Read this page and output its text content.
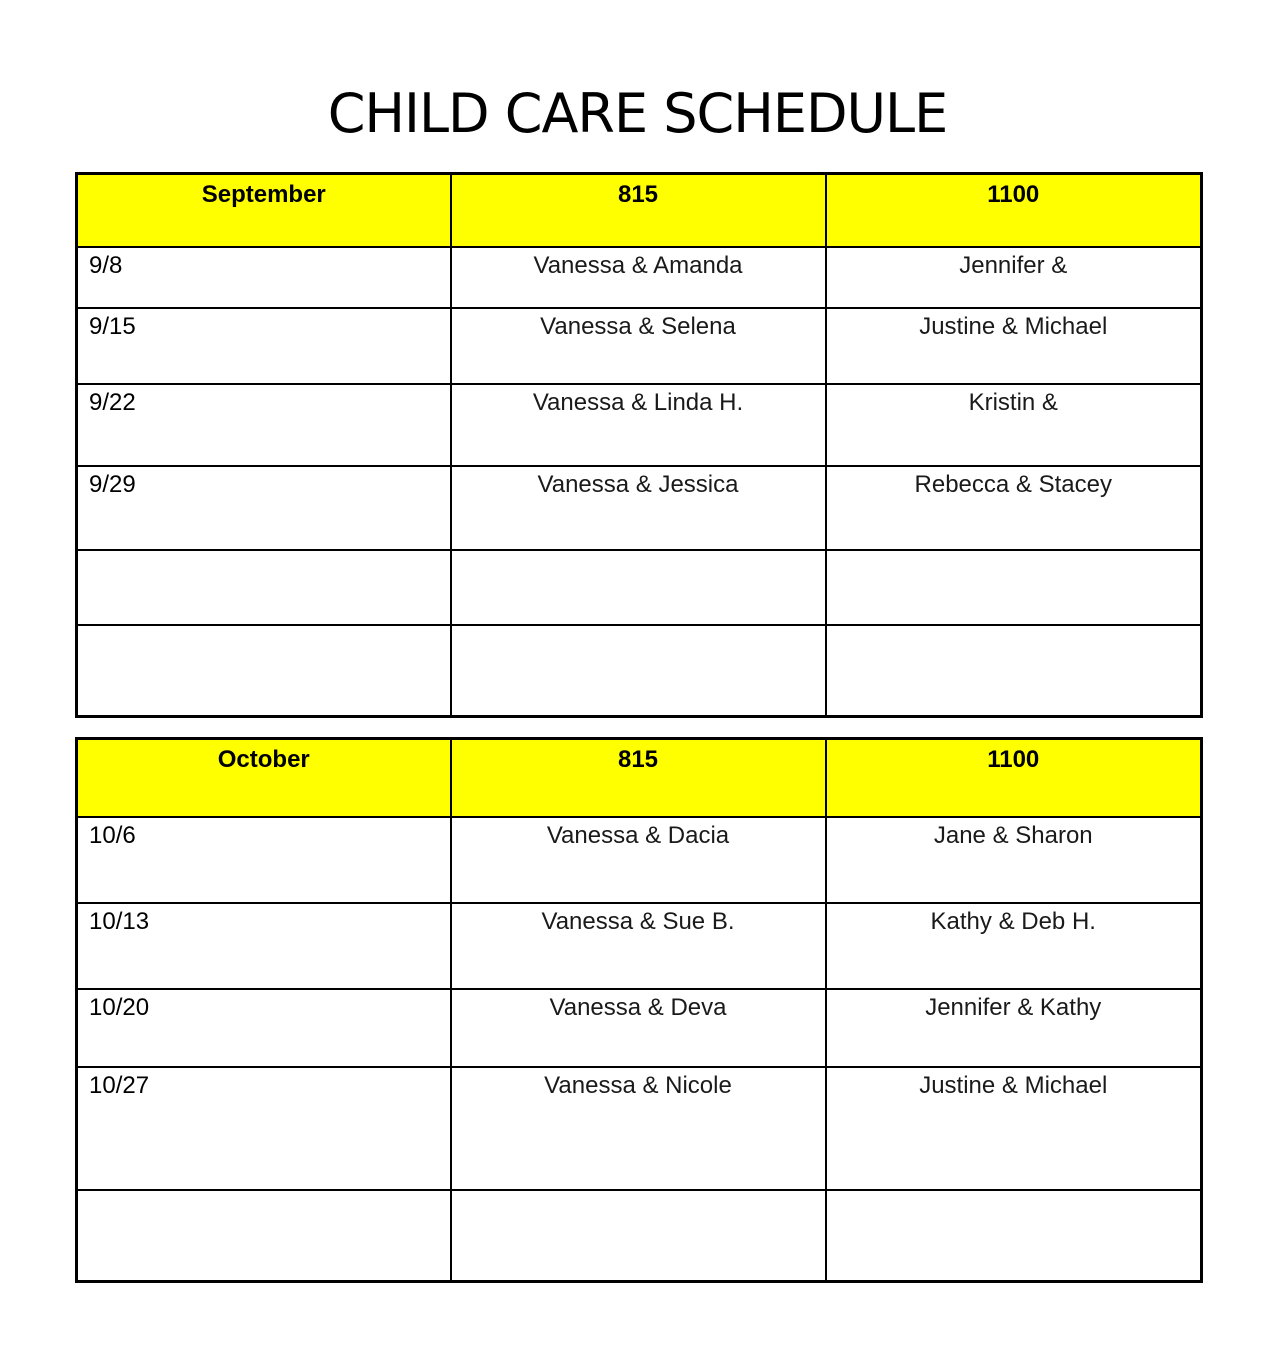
CHILD CARE SCHEDULE
September	815	1100
9/8	Vanessa & Amanda	Jennifer &
9/15	Vanessa & Selena	Justine & Michael
9/22	Vanessa & Linda H.	Kristin &
9/29	Vanessa & Jessica	Rebecca & Stacey

October	815	1100
10/6	Vanessa & Dacia	Jane & Sharon
10/13	Vanessa & Sue B.	Kathy & Deb H.
10/20	Vanessa & Deva	Jennifer & Kathy
10/27	Vanessa & Nicole	Justine & Michael
